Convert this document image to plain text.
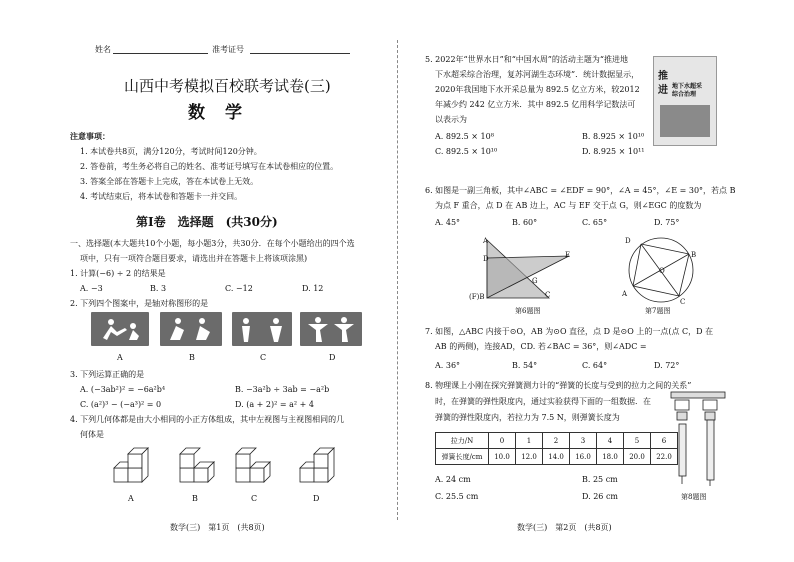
姓名	准考证号
山西中考模拟百校联考试卷(三)
数学
注意事项：
1. 本试卷共8页，满分120分，考试时间120分钟。
2. 答卷前，考生务必将自己的姓名、准考证号填写在本试卷相应的位置。
3. 答案全部在答题卡上完成，答在本试卷上无效。
4. 考试结束后，将本试卷和答题卡一并交回。
第Ⅰ卷　选择题　(共30分)
一、选择题(本大题共10个小题，每小题3分，共30分．在每个小题给出的四个选
项中，只有一项符合题目要求，请选出并在答题卡上将该项涂黑)
1. 计算(−6) ÷ 2 的结果是
A. −3	B. 3	C. −12	D. 12
2. 下列四个图案中，是轴对称图形的是
A	B	C	D
3. 下列运算正确的是
A. (−3ab²)² = −6a²b⁴	B. −3a²b ÷ 3ab = −a²b
C. (a²)³ − (−a³)² = 0	D. (a + 2)² = a² + 4
4. 下列几何体都是由大小相同的小正方体组成，其中左视图与主视图相同的几
何体是
A	B	C	D
数学(三)　第1页　(共8页)
5. 2022年“世界水日”和“中国水周”的活动主题为“推进地
下水超采综合治理，复苏河湖生态环境”．统计数据显示，
2020年我国地下水开采总量为 892.5 亿立方米，较2012
年减少约 242 亿立方米．其中 892.5 亿用科学记数法可
以表示为
A. 892.5 × 10⁸	B. 8.925 × 10¹⁰
C. 892.5 × 10¹⁰	D. 8.925 × 10¹¹
推
进 地下水超采
综合治理
6. 如图是一副三角板，其中∠ABC = ∠EDF = 90°，∠A = 45°，∠E = 30°，若点 B
为点 F 重合，点 D 在 AB 边上，AC 与 EF 交于点 G，则∠EGC 的度数为
A. 45°	B. 60°	C. 65°	D. 75°
A
D	E
G
C
(F)B
第6题图
D
B
O
A
C
第7题图
7. 如图，△ABC 内接于⊙O，AB 为⊙O 直径，点 D 是⊙O 上的一点(点 C，D 在
AB 的两侧)，连接AD，CD. 若∠BAC = 36°，则∠ADC =
A. 36°	B. 54°	C. 64°	D. 72°
8. 物理课上小刚在探究弹簧测力计的“弹簧的长度与受到的拉力之间的关系”
时，在弹簧的弹性限度内，通过实验获得下面的一组数据．在
弹簧的弹性限度内，若拉力为 7.5 N，则弹簧长度为
拉力/N	0	1	2	3	4	5	6
弹簧长度/cm	10.0	12.0	14.0	16.0	18.0	20.0	22.0
A. 24 cm	B. 25 cm
C. 25.5 cm	D. 26 cm	第8题图
数学(三)　第2页　(共8页)
